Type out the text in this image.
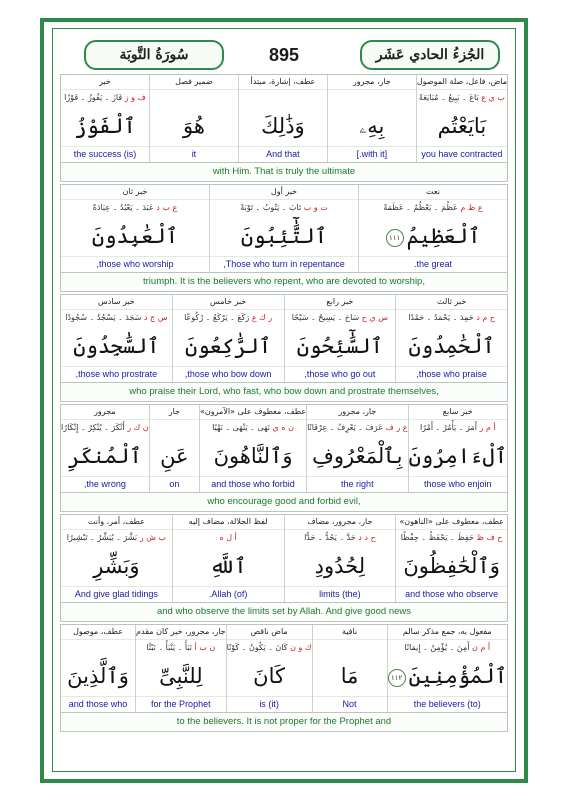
سُورَةُ التَّوبَة	895	الجُزءُ الحادي عَشَر
ماض، فاعل، صلة الموصول
ب ي ع بَاعَ ۔ يَبِيعُ ۔ مُبَايَعَةً
بَايَعْتُم
you have contracted
جار، مجرور
بِهِۦ
[with it.]
عطف، إشارة، مبتدأ
وَذَٰلِكَ
And that
ضمير فصل
هُوَ
it
خبر
ف و ز فَازَ ۔ يَفُوزُ ۔ فَوْزًا
ٱلْفَوْزُ
(is) the success
with Him. That is truly the ultimate
نعت
ع ظ م عَظُمَ ۔ يَعْظُمُ ۔ عَظَمَةً
ٱلْعَظِيمُ١١١
the great.
خبر أول
ت و ب تَابَ ۔ يَتُوبُ ۔ تَوْبَةً
ٱلتَّٰٓئِبُونَ
Those who turn in repentance,
خبر ثان
ع ب د عَبَدَ ۔ يَعْبُدُ ۔ عِبَادَةً
ٱلْعَٰبِدُونَ
those who worship,
triumph. It is the believers who repent, who are devoted to worship,
خبر ثالث
ح م د حَمِدَ ۔ يَحْمَدُ ۔ حَمْدًا
ٱلْحَٰمِدُونَ
those who praise,
خبر رابع
س ي ح سَاحَ ۔ يَسِيحُ ۔ سَيْحًا
ٱلسَّٰٓئِحُونَ
those who go out,
خبر خامس
ر ك ع رَكَعَ ۔ يَرْكَعُ ۔ رُكُوعًا
ٱلرَّٰكِعُونَ
those who bow down,
خبر سادس
س ج د سَجَدَ ۔ يَسْجُدُ ۔ سُجُودًا
ٱلسَّٰجِدُونَ
those who prostrate,
who praise their Lord, who fast, who bow down and prostrate themselves,
خبر سابع
أ م ر أَمَرَ ۔ يَأْمُرُ ۔ أَمْرًا
ٱلْءَامِرُونَ
those who enjoin
جار، مجرور
ع ر ف عَرَفَ ۔ يَعْرِفُ ۔ عِرْفَانًا
بِٱلْمَعْرُوفِ
the right
عطف، معطوف على «الآمرون»
ن ه ي نَهَى ۔ يَنْهَى ۔ نَهْيًا
وَٱلنَّاهُونَ
and those who forbid
جار
عَنِ
on
مجرور
ن ك ر أَنْكَرَ ۔ يُنْكِرُ ۔ إِنْكَارًا
ٱلْمُنكَرِ
the wrong,
who encourage good and forbid evil,
عطف، معطوف على «الناهون»
ح ف ظ حَفِظَ ۔ يَحْفَظُ ۔ حِفْظًا
وَٱلْحَٰفِظُونَ
and those who observe
جار، مجرور، مضاف
ح د د حَدَّ ۔ يَحُدُّ ۔ حَدًّا
لِحُدُودِ
(the) limits
لفظ الجلالة، مضاف إليه
أ ل ه
ٱللَّهِ
(of) Allah.
عطف، أمر، وأنت
ب ش ر بَشَّرَ ۔ يُبَشِّرُ ۔ تَبْشِيرًا
وَبَشِّرِ
And give glad tidings
and who observe the limits set by Allah. And give good news
مفعول به، جمع مذكر سالم
أ م ن أَمِنَ ۔ يُؤْمِنُ ۔ إِيمَانًا
ٱلْمُؤْمِنِينَ١١٢
(to) the believers
نافية
مَا
Not
ماض ناقص
ك و ن كَانَ ۔ يَكُونُ ۔ كَوْنًا
كَانَ
(it) is
جار، مجرور، خبر كان مقدم
ن ب أ نَبَأَ ۔ يَنْبَأُ ۔ نَبْئًا
لِلنَّبِىِّ
for the Prophet
عطف، موصول
وَٱلَّذِينَ
and those who
to the believers. It is not proper for the Prophet and
